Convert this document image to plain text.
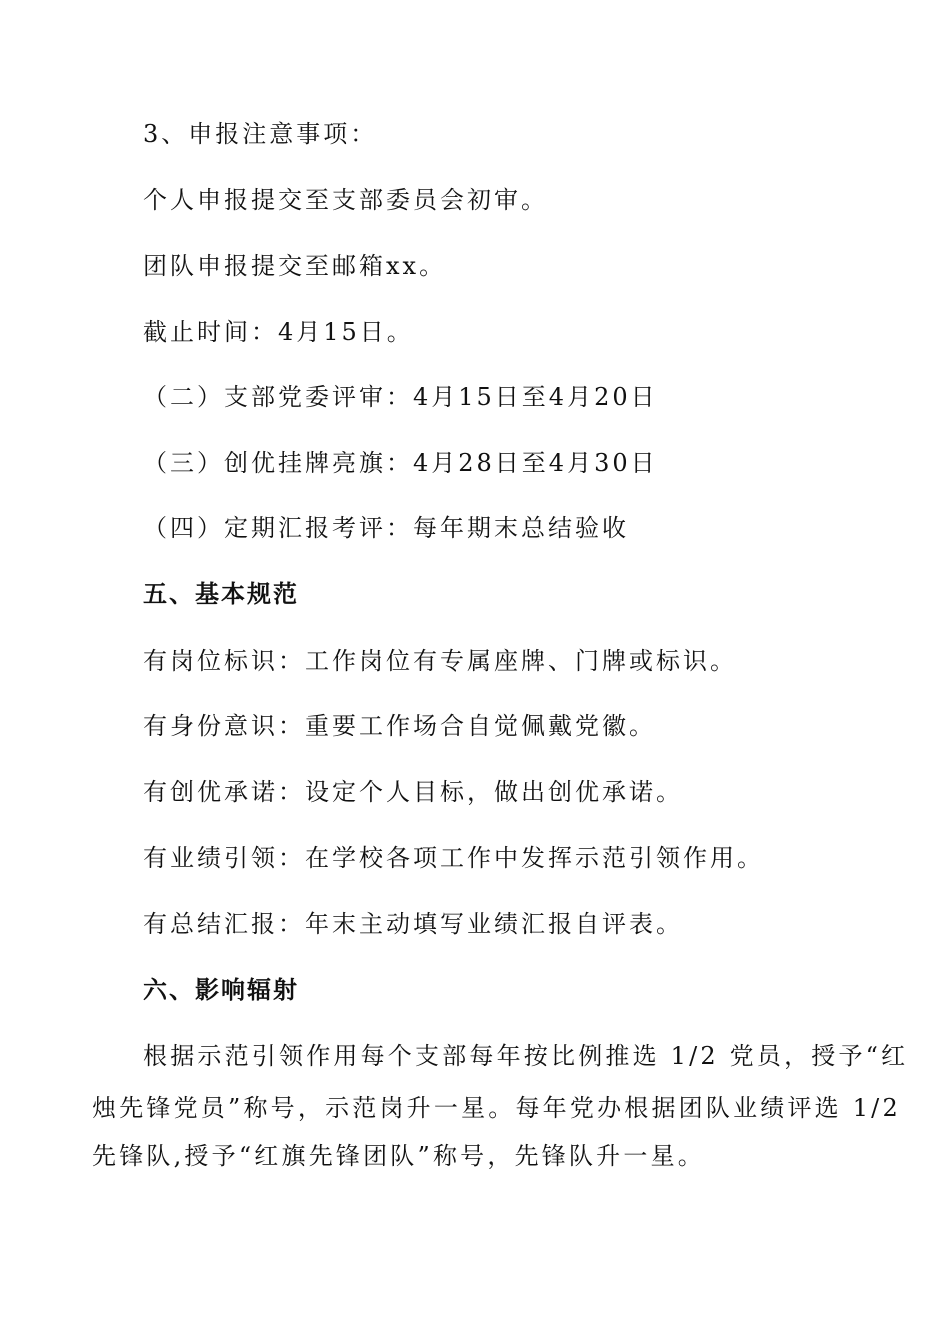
3、申报注意事项：
个人申报提交至支部委员会初审。
团队申报提交至邮箱xx。
截止时间：4月15日。
（二）支部党委评审：4月15日至4月20日
（三）创优挂牌亮旗：4月28日至4月30日
（四）定期汇报考评：每年期末总结验收
五、基本规范
有岗位标识：工作岗位有专属座牌、门牌或标识。
有身份意识：重要工作场合自觉佩戴党徽。
有创优承诺：设定个人目标，做出创优承诺。
有业绩引领：在学校各项工作中发挥示范引领作用。
有总结汇报：年末主动填写业绩汇报自评表。
六、影响辐射
根据示范引领作用每个支部每年按比例推选 1/2 党员，授予“红
烛先锋党员”称号，示范岗升一星。每年党办根据团队业绩评选 1/2
先锋队,授予“红旗先锋团队”称号，先锋队升一星。
